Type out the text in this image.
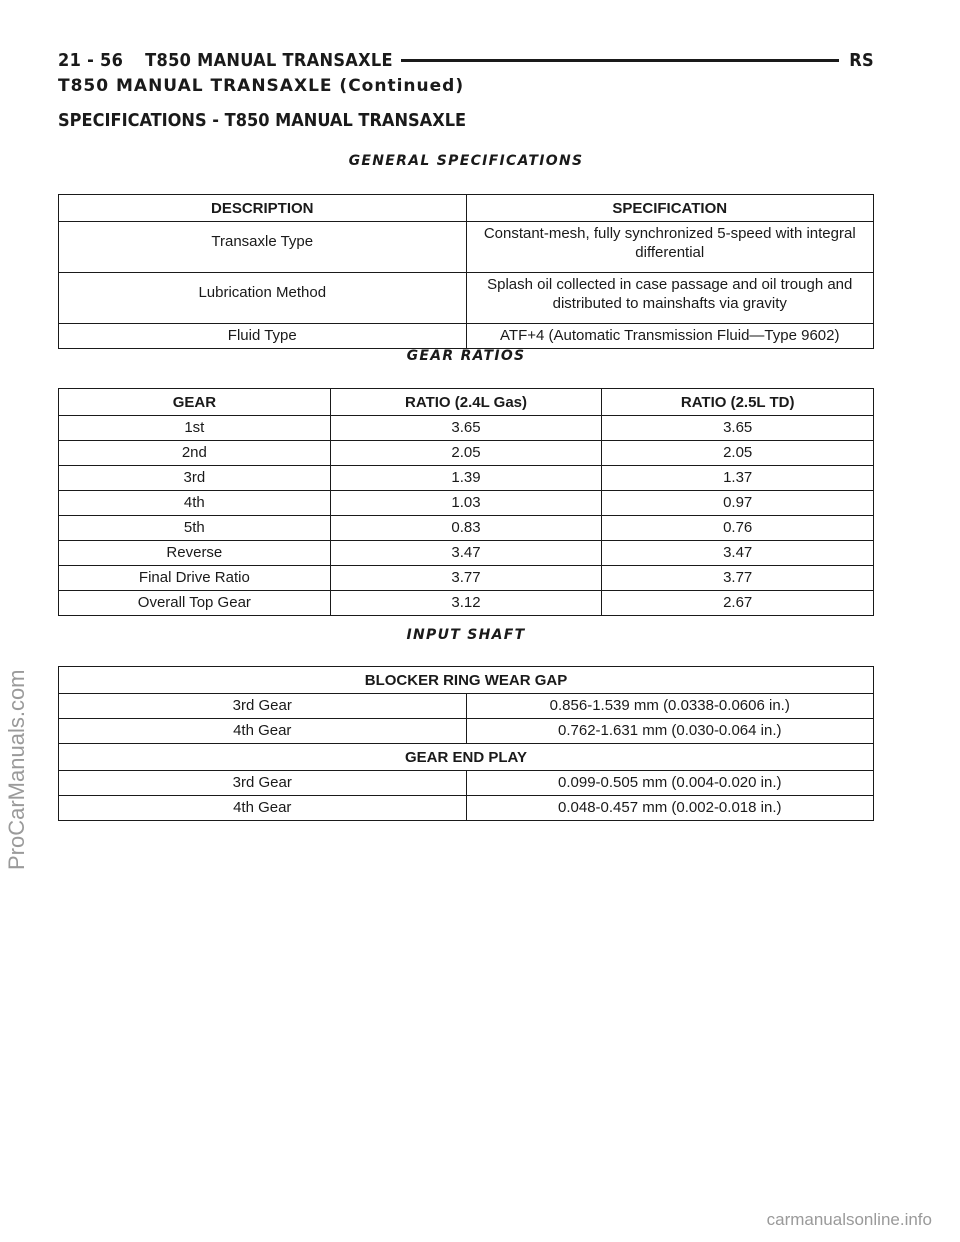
21 - 56 T850 MANUAL TRANSAXLE	RS
T850 MANUAL TRANSAXLE (Continued)
SPECIFICATIONS - T850 MANUAL TRANSAXLE
GENERAL SPECIFICATIONS
DESCRIPTION	SPECIFICATION
Transaxle Type	Constant-mesh, fully synchronized 5-speed with integral differential
Lubrication Method	Splash oil collected in case passage and oil trough and distributed to mainshafts via gravity
Fluid Type	ATF+4 (Automatic Transmission Fluid—Type 9602)
GEAR RATIOS
GEAR	RATIO (2.4L Gas)	RATIO (2.5L TD)
1st	3.65	3.65
2nd	2.05	2.05
3rd	1.39	1.37
4th	1.03	0.97
5th	0.83	0.76
Reverse	3.47	3.47
Final Drive Ratio	3.77	3.77
Overall Top Gear	3.12	2.67
INPUT SHAFT
BLOCKER RING WEAR GAP	
3rd Gear	0.856-1.539 mm (0.0338-0.0606 in.)
4th Gear	0.762-1.631 mm (0.030-0.064 in.)
GEAR END PLAY	
3rd Gear	0.099-0.505 mm (0.004-0.020 in.)
4th Gear	0.048-0.457 mm (0.002-0.018 in.)
ProCarManuals.com
carmanualsonline.info
